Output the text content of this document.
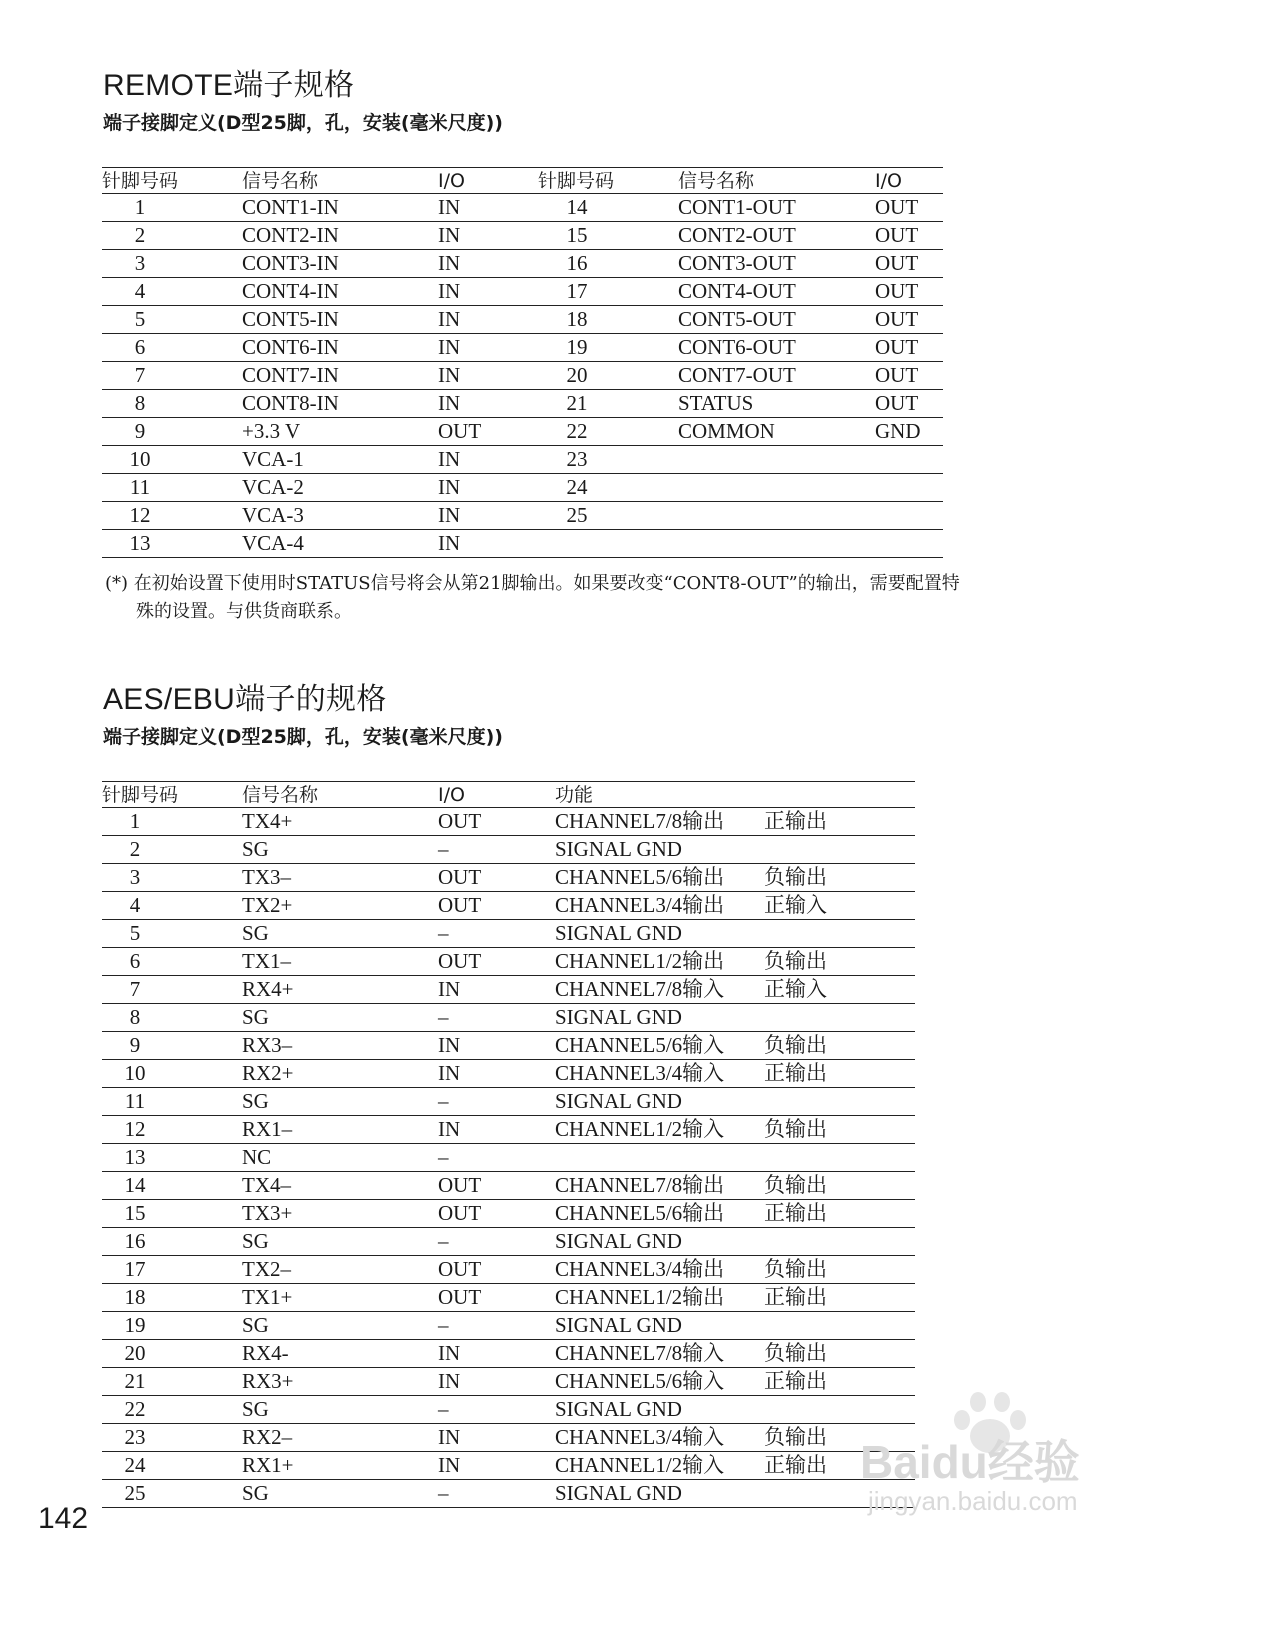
REMOTE端子规格
端子接脚定义(D型25脚，孔，安装(毫米尺度))
针脚号码	信号名称	I/O	针脚号码	信号名称	I/O
1	CONT1-IN	IN	14	CONT1-OUT	OUT
2	CONT2-IN	IN	15	CONT2-OUT	OUT
3	CONT3-IN	IN	16	CONT3-OUT	OUT
4	CONT4-IN	IN	17	CONT4-OUT	OUT
5	CONT5-IN	IN	18	CONT5-OUT	OUT
6	CONT6-IN	IN	19	CONT6-OUT	OUT
7	CONT7-IN	IN	20	CONT7-OUT	OUT
8	CONT8-IN	IN	21	STATUS	OUT
9	+3.3 V	OUT	22	COMMON	GND
10	VCA-1	IN	23
11	VCA-2	IN	24
12	VCA-3	IN	25
13	VCA-4	IN
(*) 在初始设置下使用时STATUS信号将会从第21脚输出。如果要改变“CONT8-OUT”的输出，需要配置特
殊的设置。与供货商联系。
AES/EBU端子的规格
端子接脚定义(D型25脚，孔，安装(毫米尺度))
针脚号码	信号名称	I/O	功能
1	TX4+	OUT	CHANNEL7/8输出 正输出
2	SG	–	SIGNAL GND
3	TX3–	OUT	CHANNEL5/6输出 负输出
4	TX2+	OUT	CHANNEL3/4输出 正输入
5	SG	–	SIGNAL GND
6	TX1–	OUT	CHANNEL1/2输出 负输出
7	RX4+	IN	CHANNEL7/8输入 正输入
8	SG	–	SIGNAL GND
9	RX3–	IN	CHANNEL5/6输入 负输出
10	RX2+	IN	CHANNEL3/4输入 正输出
11	SG	–	SIGNAL GND
12	RX1–	IN	CHANNEL1/2输入 负输出
13	NC	–
14	TX4–	OUT	CHANNEL7/8输出 负输出
15	TX3+	OUT	CHANNEL5/6输出 正输出
16	SG	–	SIGNAL GND
17	TX2–	OUT	CHANNEL3/4输出 负输出
18	TX1+	OUT	CHANNEL1/2输出 正输出
19	SG	–	SIGNAL GND
20	RX4-	IN	CHANNEL7/8输入 负输出
21	RX3+	IN	CHANNEL5/6输入 正输出
22	SG	–	SIGNAL GND
23	RX2–	IN	CHANNEL3/4输入 负输出
24	RX1+	IN	CHANNEL1/2输入 正输出
25	SG	–	SIGNAL GND
142
Baidu经验
jingyan.baidu.com
